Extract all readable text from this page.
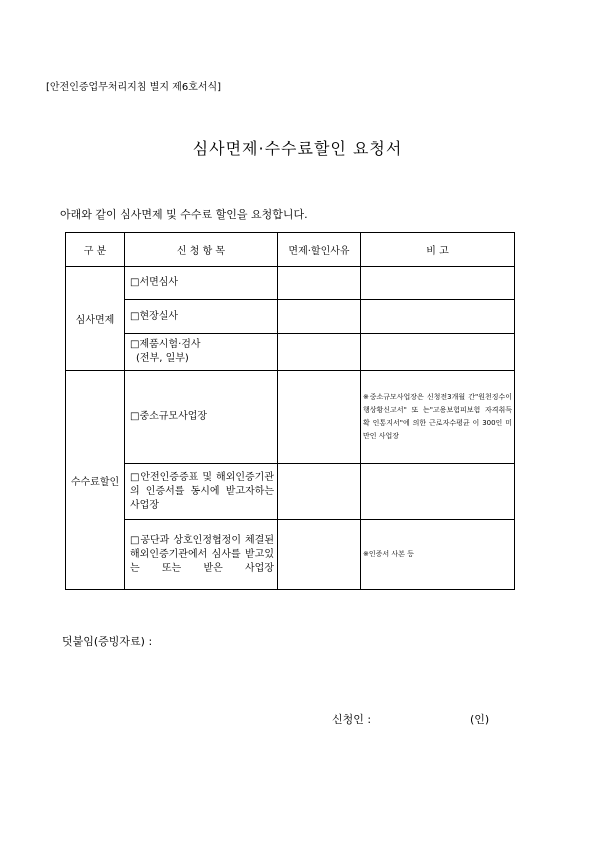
[안전인증업무처리지침 별지 제6호서식]
심사면제·수수료할인 요청서
아래와 같이 심사면제 및 수수료 할인을 요청합니다.
구 분	신 청 항 목	면제·할인사유	비 고
심사면제	□서면심사		
	□현장실사		
	□제품시험·검사
(전부, 일부)		

수수료할인	□중소규모사업장		※중소규모사업장은 신청전3개월 간"원천징수이행상황신고서" 또 는"고용보험피보험 자격취득 확 인통지서"에 의한 근로자수평균 이 300인 미만인 사업장
	□안전인증증표 및 해외인증기관의 인증서를 동시에 받고자하는 사업장		
	□공단과 상호인정협정이 체결된 해외인증기관에서 심사를 받고있는 또는 받은 사업장		※인증서 사본 등
덧붙임(증빙자료) :
신청인 :	(인)
